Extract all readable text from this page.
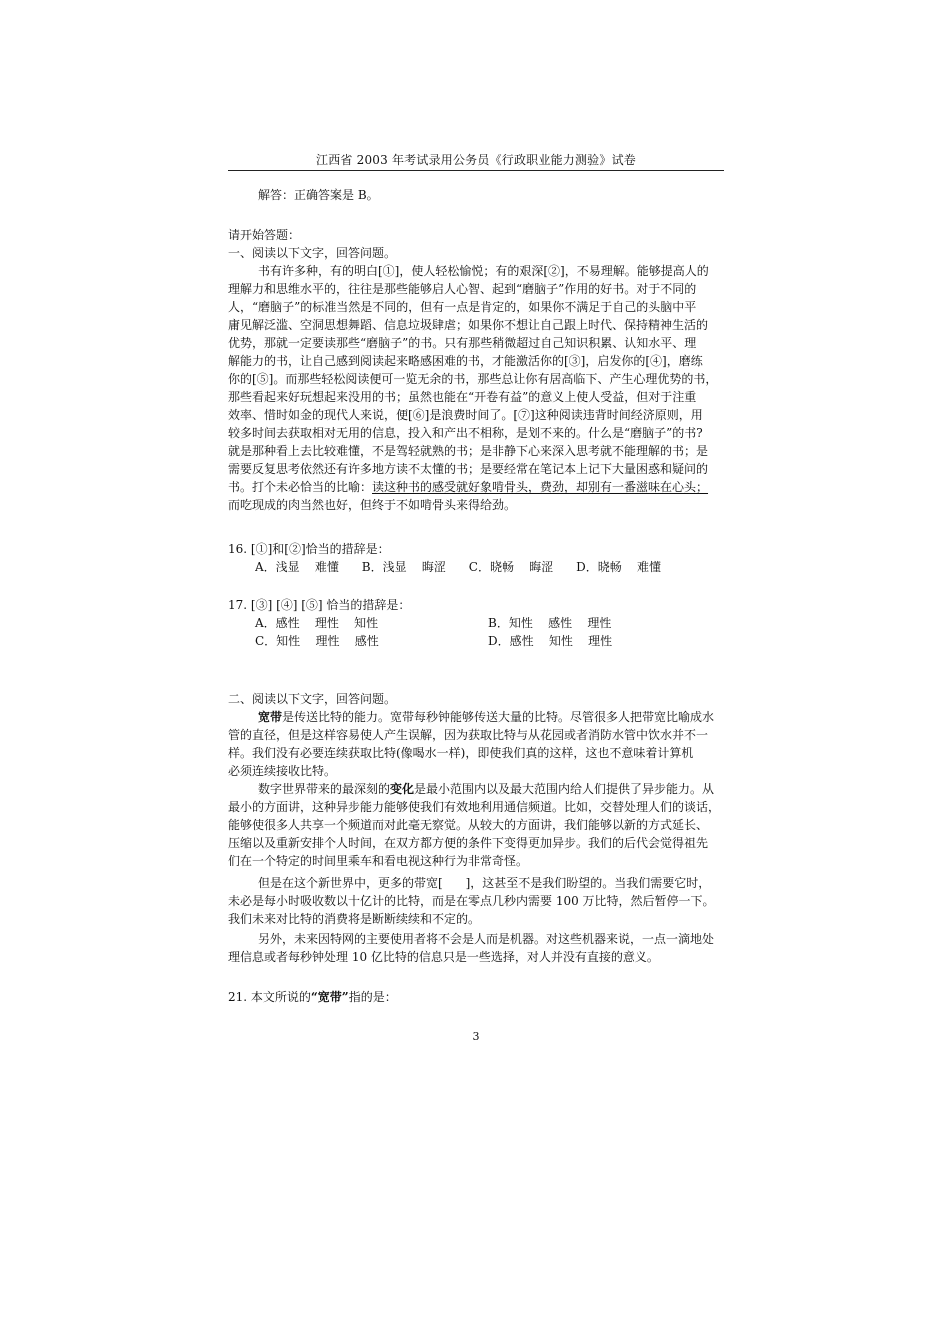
江西省 2003 年考试录用公务员《行政职业能力测验》试卷
解答：正确答案是 B。
请开始答题：
一、阅读以下文字，回答问题。
书有许多种，有的明白[①]，使人轻松愉悦；有的艰深[②]，不易理解。能够提高人的
理解力和思维水平的，往往是那些能够启人心智、起到“磨脑子”作用的好书。对于不同的
人，“磨脑子”的标准当然是不同的，但有一点是肯定的，如果你不满足于自己的头脑中平
庸见解泛滥、空洞思想舞蹈、信息垃圾肆虐；如果你不想让自己跟上时代、保持精神生活的
优势，那就一定要读那些“磨脑子”的书。只有那些稍微超过自己知识积累、认知水平、理
解能力的书，让自己感到阅读起来略感困难的书，才能激活你的[③]，启发你的[④]，磨练
你的[⑤]。而那些轻松阅读便可一览无余的书，那些总让你有居高临下、产生心理优势的书，
那些看起来好玩想起来没用的书；虽然也能在“开卷有益”的意义上使人受益，但对于注重
效率、惜时如金的现代人来说，便[⑥]是浪费时间了。[⑦]这种阅读违背时间经济原则，用
较多时间去获取相对无用的信息，投入和产出不相称，是划不来的。什么是“磨脑子”的书?
就是那种看上去比较难懂，不是驾轻就熟的书；是非静下心来深入思考就不能理解的书；是
需要反复思考依然还有许多地方读不太懂的书；是要经常在笔记本上记下大量困惑和疑问的
书。打个未必恰当的比喻：读这种书的感受就好象啃骨头，费劲，却别有一番滋味在心头；
而吃现成的肉当然也好，但终于不如啃骨头来得给劲。
16. [①]和[②]恰当的措辞是：
A．浅显    难懂      B．浅显    晦涩      C．晓畅    晦涩      D．晓畅    难懂
17. [③] [④] [⑤] 恰当的措辞是：
A．感性    理性    知性	B．知性    感性    理性
C．知性    理性    感性	D．感性    知性    理性
二、阅读以下文字，回答问题。
宽带是传送比特的能力。宽带每秒钟能够传送大量的比特。尽管很多人把带宽比喻成水
管的直径，但是这样容易使人产生误解，因为获取比特与从花园或者消防水管中饮水并不一
样。我们没有必要连续获取比特(像喝水一样)，即使我们真的这样，这也不意味着计算机
必须连续接收比特。
数字世界带来的最深刻的变化是最小范围内以及最大范围内给人们提供了异步能力。从
最小的方面讲，这种异步能力能够使我们有效地利用通信频道。比如，交替处理人们的谈话，
能够使很多人共享一个频道而对此毫无察觉。从较大的方面讲，我们能够以新的方式延长、
压缩以及重新安排个人时间，在双方都方便的条件下变得更加异步。我们的后代会觉得祖先
们在一个特定的时间里乘车和看电视这种行为非常奇怪。
但是在这个新世界中，更多的带宽[      ]，这甚至不是我们盼望的。当我们需要它时，
未必是每小时吸收数以十亿计的比特，而是在零点几秒内需要 100 万比特，然后暂停一下。
我们未来对比特的消费将是断断续续和不定的。
另外，未来因特网的主要使用者将不会是人而是机器。对这些机器来说，一点一滴地处
理信息或者每秒钟处理 10 亿比特的信息只是一些选择，对人并没有直接的意义。
21. 本文所说的“宽带”指的是：
3
